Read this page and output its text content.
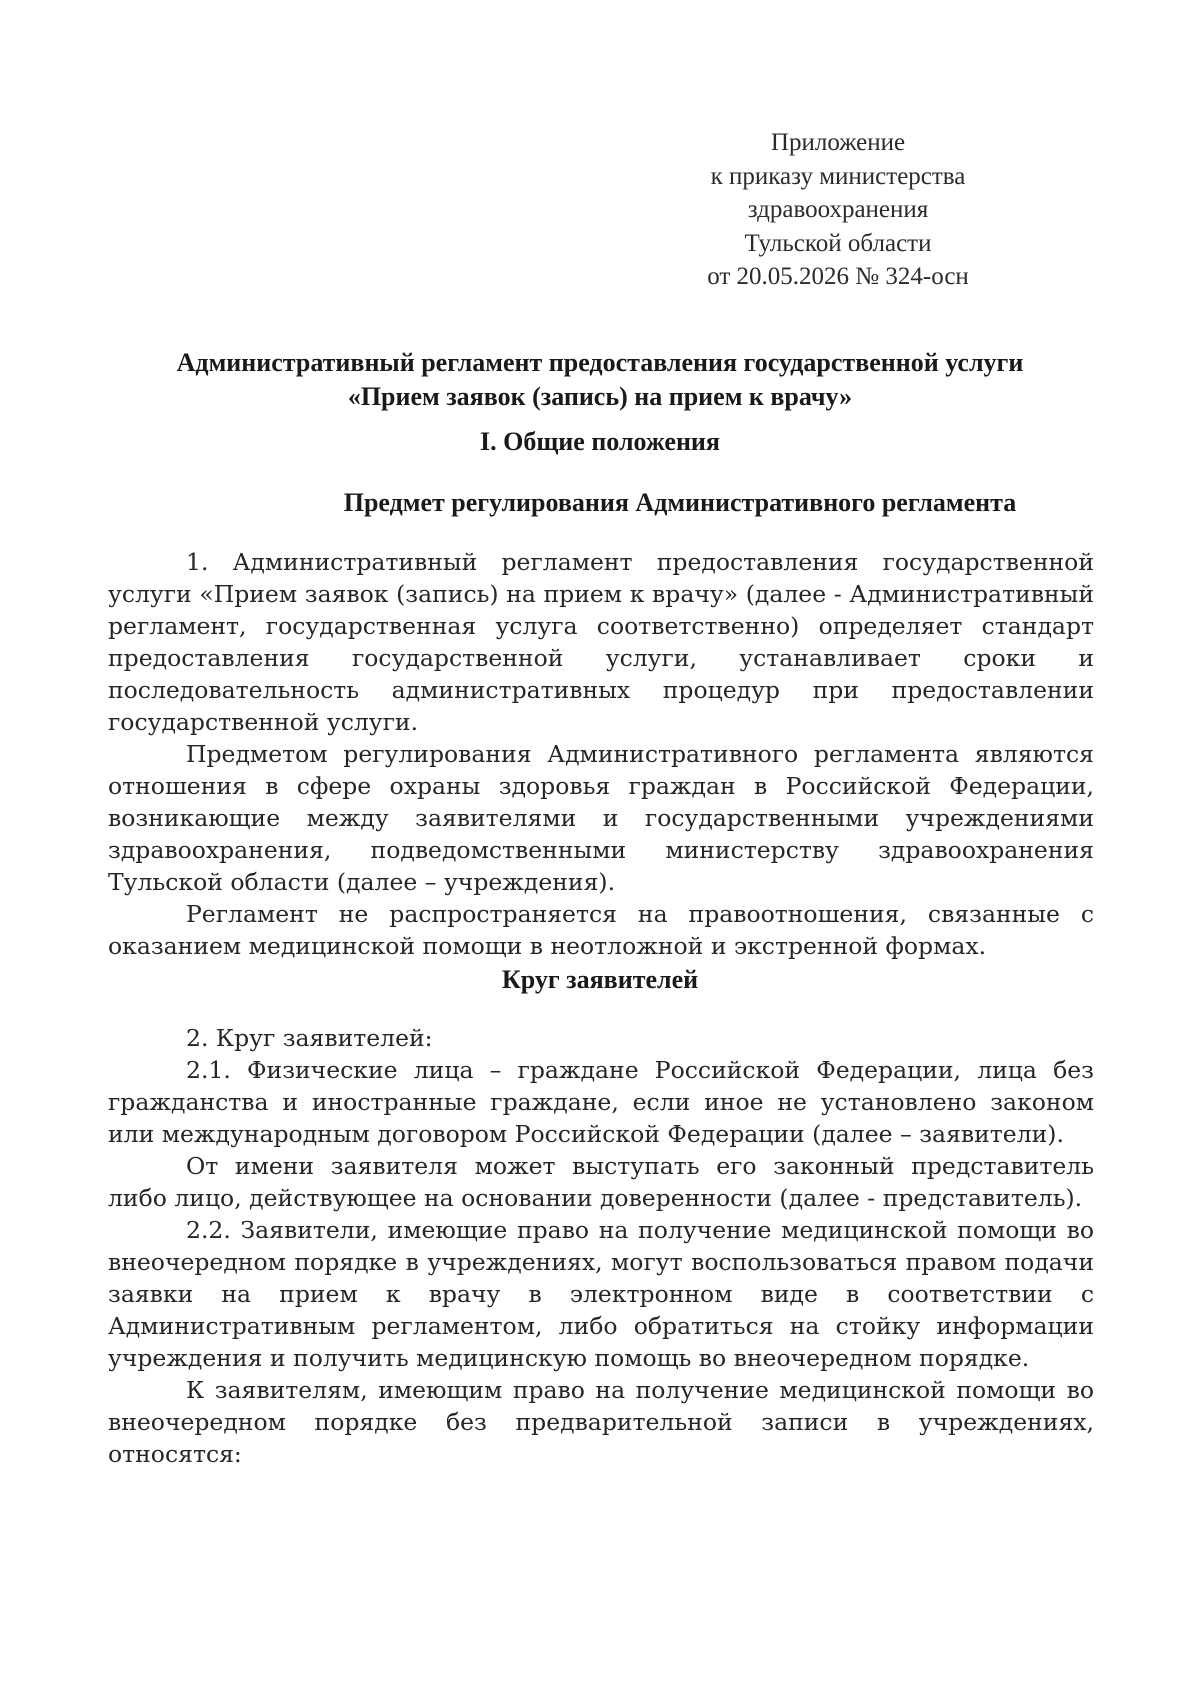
Приложение
к приказу министерства
здравоохранения
Тульской области
от 20.05.2026 № 324-осн
Административный регламент предоставления государственной услуги
«Прием заявок (запись) на прием к врачу»
I. Общие положения
Предмет регулирования Административного регламента

1. Административный регламент предоставления государственной услуги «Прием заявок (запись) на прием к врачу» (далее - Административный регламент, государственная услуга соответственно) определяет стандарт предоставления государственной услуги, устанавливает сроки и последовательность административных процедур при предоставлении государственной услуги.

Предметом регулирования Административного регламента являются отношения в сфере охраны здоровья граждан в Российской Федерации, возникающие между заявителями и государственными учреждениями здравоохранения, подведомственными министерству здравоохранения Тульской области (далее – учреждения).

Регламент не распространяется на правоотношения, связанные с оказанием медицинской помощи в неотложной и экстренной формах.

Круг заявителей

2. Круг заявителей:

2.1. Физические лица – граждане Российской Федерации, лица без гражданства и иностранные граждане, если иное не установлено законом или международным договором Российской Федерации (далее – заявители).

От имени заявителя может выступать его законный представитель либо лицо, действующее на основании доверенности (далее - представитель).

2.2. Заявители, имеющие право на получение медицинской помощи во внеочередном порядке в учреждениях, могут воспользоваться правом подачи заявки на прием к врачу в электронном виде в соответствии с Административным регламентом, либо обратиться на стойку информации учреждения и получить медицинскую помощь во внеочередном порядке.

К заявителям, имеющим право на получение медицинской помощи во внеочередном порядке без предварительной записи в учреждениях, относятся:
